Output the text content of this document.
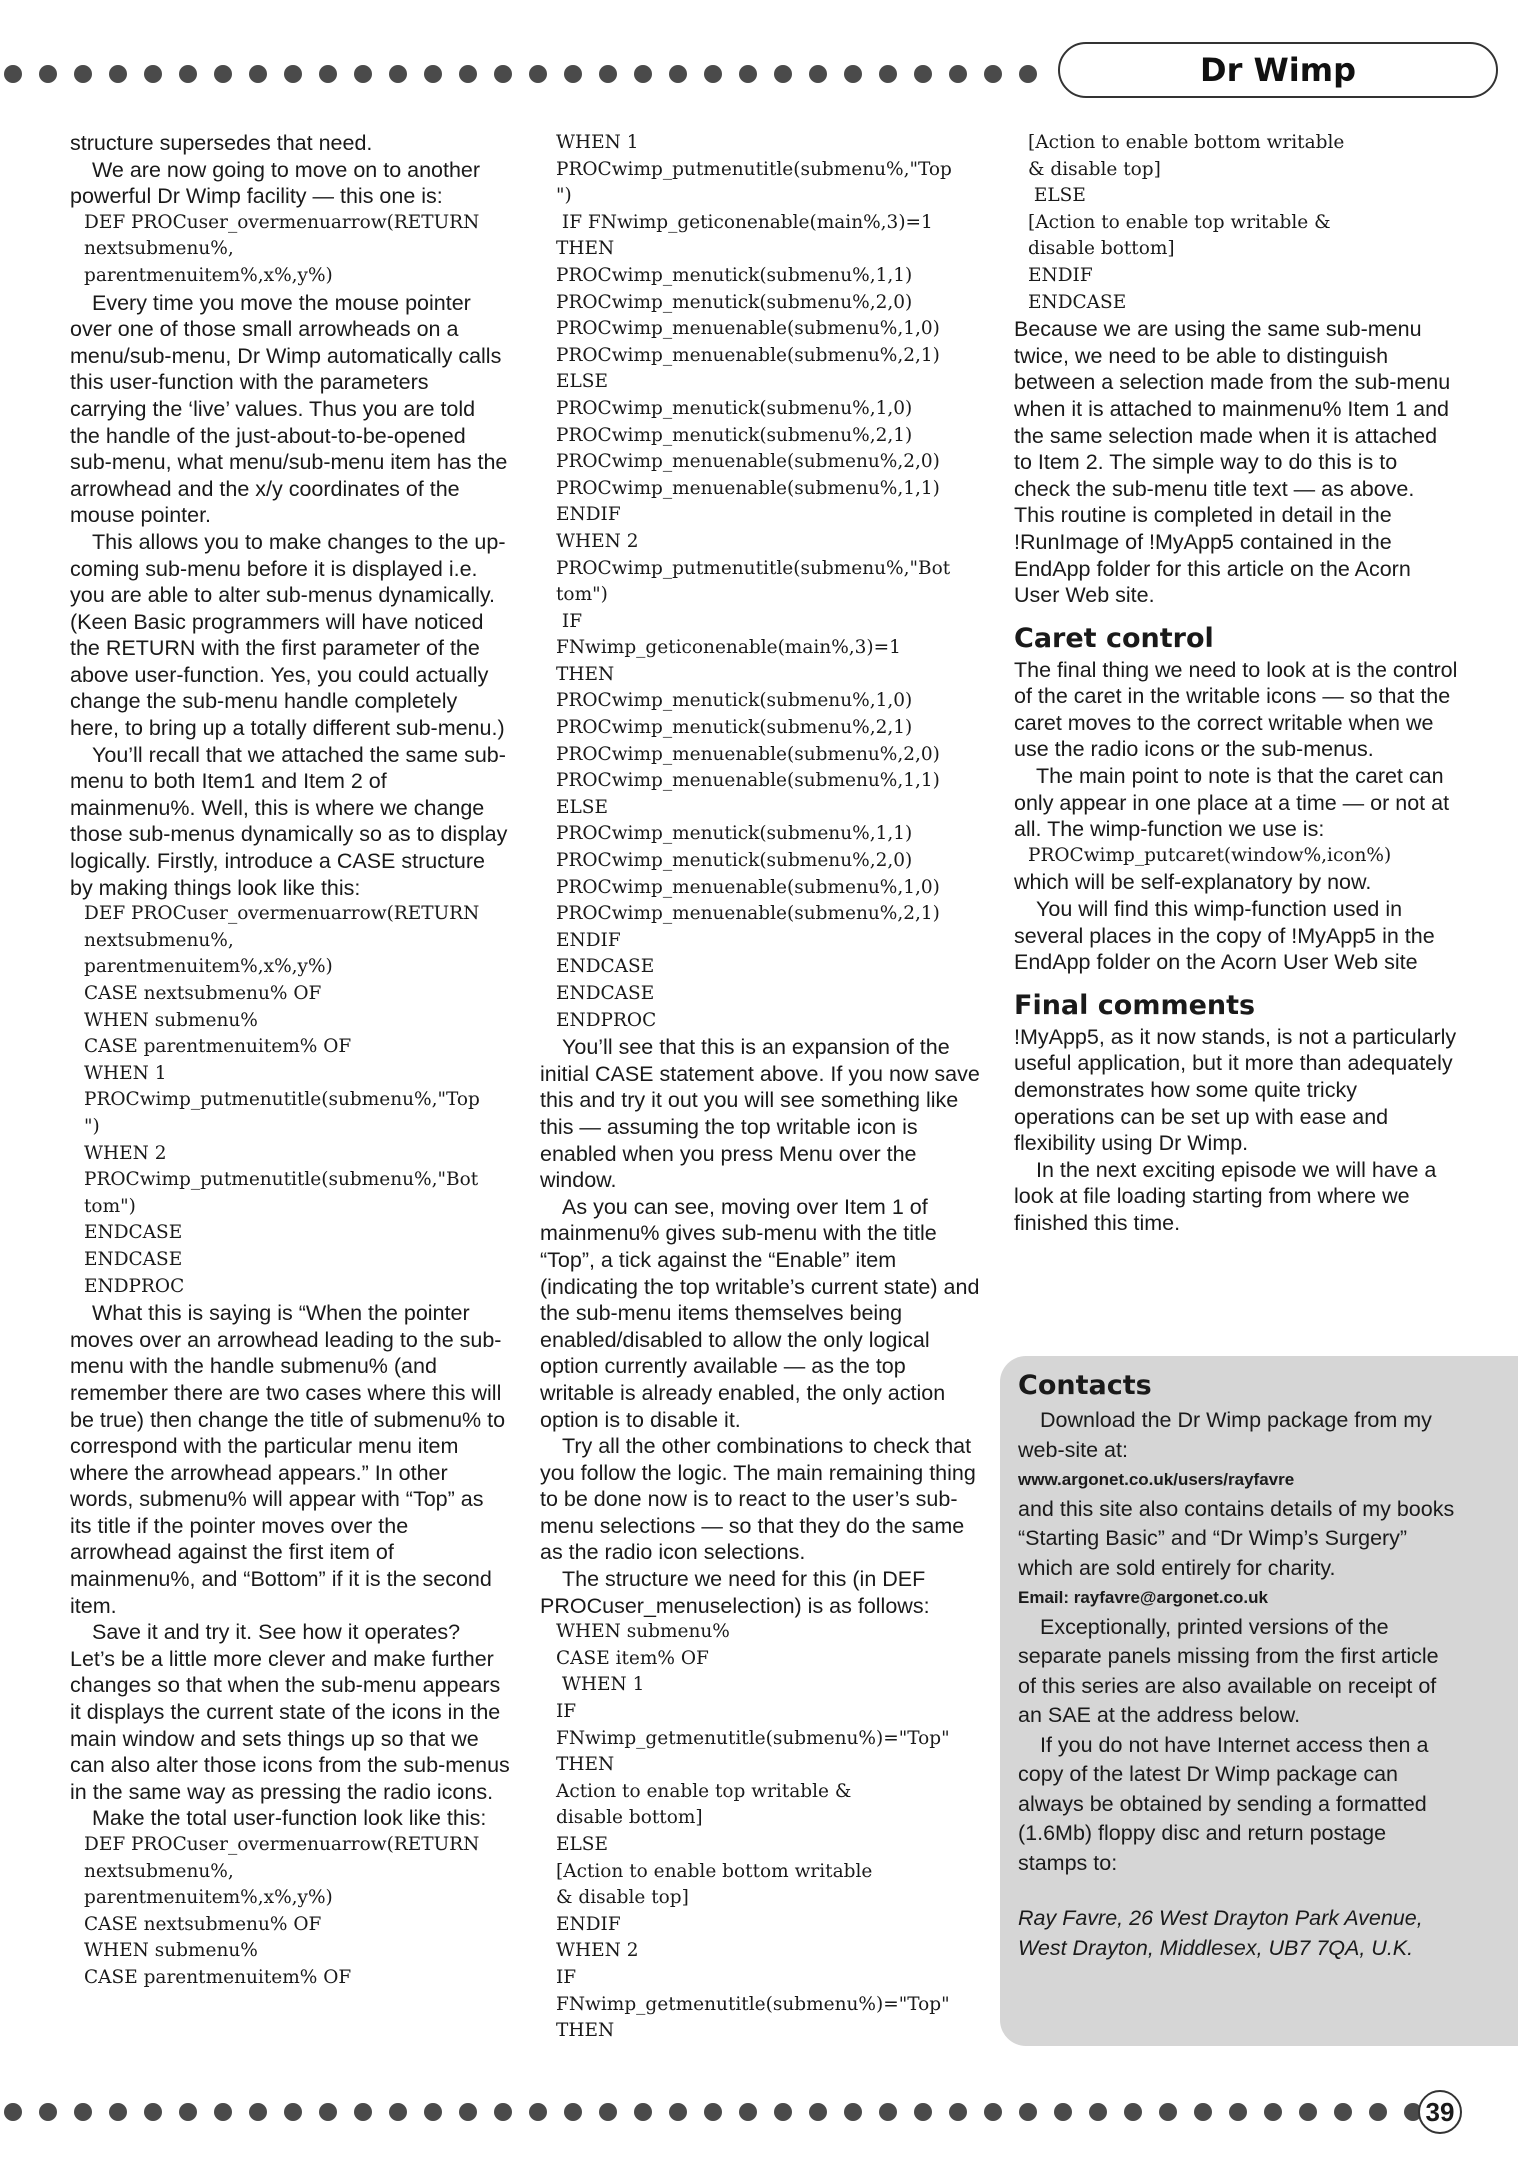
Dr Wimp

structure supersedes that need.

We are now going to move on to another powerful Dr Wimp facility — this one is:

DEF PROCuser_overmenuarrow(RETURN nextsubmenu%,
parentmenuitem%,x%,y%)

Every time you move the mouse pointer over one of those small arrowheads on a menu/sub-menu, Dr Wimp automatically calls this user-function with the parameters carrying the ‘live’ values. Thus you are told the handle of the just-about-to-be-opened sub-menu, what menu/sub-menu item has the arrowhead and the x/y coordinates of the mouse pointer.

This allows you to make changes to the up-coming sub-menu before it is displayed i.e. you are able to alter sub-menus dynamically. (Keen Basic programmers will have noticed the RETURN with the first parameter of the above user-function. Yes, you could actually change the sub-menu handle completely here, to bring up a totally different sub-menu.)

You’ll recall that we attached the same sub-menu to both Item1 and Item 2 of mainmenu%. Well, this is where we change those sub-menus dynamically so as to display logically. Firstly, introduce a CASE structure by making things look like this:

DEF PROCuser_overmenuarrow(RETURN
nextsubmenu%,
parentmenuitem%,x%,y%)
CASE nextsubmenu% OF
WHEN submenu%
CASE parentmenuitem% OF
WHEN 1
PROCwimp_putmenutitle(submenu%,"Top
")
WHEN 2
PROCwimp_putmenutitle(submenu%,"Bot
tom")
ENDCASE
ENDCASE
ENDPROC

What this is saying is “When the pointer moves over an arrowhead leading to the sub-menu with the handle submenu% (and remember there are two cases where this will be true) then change the title of submenu% to correspond with the particular menu item where the arrowhead appears.” In other words, submenu% will appear with “Top” as its title if the pointer moves over the arrowhead against the first item of mainmenu%, and “Bottom” if it is the second item.

Save it and try it. See how it operates? Let’s be a little more clever and make further changes so that when the sub-menu appears it displays the current state of the icons in the main window and sets things up so that we can also alter those icons from the sub-menus in the same way as pressing the radio icons.

Make the total user-function look like this:

DEF PROCuser_overmenuarrow(RETURN
nextsubmenu%,
parentmenuitem%,x%,y%)
CASE nextsubmenu% OF
WHEN submenu%
CASE parentmenuitem% OF
WHEN 1
PROCwimp_putmenutitle(submenu%,"Top
")
IF FNwimp_geticonenable(main%,3)=1
THEN
PROCwimp_menutick(submenu%,1,1)
PROCwimp_menutick(submenu%,2,0)
PROCwimp_menuenable(submenu%,1,0)
PROCwimp_menuenable(submenu%,2,1)
ELSE
PROCwimp_menutick(submenu%,1,0)
PROCwimp_menutick(submenu%,2,1)
PROCwimp_menuenable(submenu%,2,0)
PROCwimp_menuenable(submenu%,1,1)
ENDIF
WHEN 2
PROCwimp_putmenutitle(submenu%,"Bot
tom")
IF
FNwimp_geticonenable(main%,3)=1
THEN
PROCwimp_menutick(submenu%,1,0)
PROCwimp_menutick(submenu%,2,1)
PROCwimp_menuenable(submenu%,2,0)
PROCwimp_menuenable(submenu%,1,1)
ELSE
PROCwimp_menutick(submenu%,1,1)
PROCwimp_menutick(submenu%,2,0)
PROCwimp_menuenable(submenu%,1,0)
PROCwimp_menuenable(submenu%,2,1)
ENDIF
ENDCASE
ENDCASE
ENDPROC

You’ll see that this is an expansion of the initial CASE statement above. If you now save this and try it out you will see something like this — assuming the top writable icon is enabled when you press Menu over the window.

As you can see, moving over Item 1 of mainmenu% gives sub-menu with the title “Top”, a tick against the “Enable” item (indicating the top writable’s current state) and the sub-menu items themselves being enabled/disabled to allow the only logical option currently available — as the top writable is already enabled, the only action option is to disable it.

Try all the other combinations to check that you follow the logic. The main remaining thing to be done now is to react to the user’s sub-menu selections — so that they do the same as the radio icon selections.

The structure we need for this (in DEF PROCuser_menuselection) is as follows:

WHEN submenu%
CASE item% OF
WHEN 1
IF
FNwimp_getmenutitle(submenu%)="Top"
THEN
Action to enable top writable &
disable bottom]
ELSE
[Action to enable bottom writable
& disable top]
ENDIF
WHEN 2
IF
FNwimp_getmenutitle(submenu%)="Top"
THEN
[Action to enable bottom writable
& disable top]
ELSE
[Action to enable top writable &
disable bottom]
ENDIF
ENDCASE

Because we are using the same sub-menu twice, we need to be able to distinguish between a selection made from the sub-menu when it is attached to mainmenu% Item 1 and the same selection made when it is attached to Item 2. The simple way to do this is to check the sub-menu title text — as above. This routine is completed in detail in the !RunImage of !MyApp5 contained in the EndApp folder for this article on the Acorn User Web site.

Caret control

The final thing we need to look at is the control of the caret in the writable icons — so that the caret moves to the correct writable when we use the radio icons or the sub-menus.

The main point to note is that the caret can only appear in one place at a time — or not at all. The wimp-function we use is:

PROCwimp_putcaret(window%,icon%)

which will be self-explanatory by now.

You will find this wimp-function used in several places in the copy of !MyApp5 in the EndApp folder on the Acorn User Web site

Final comments

!MyApp5, as it now stands, is not a particularly useful application, but it more than adequately demonstrates how some quite tricky operations can be set up with ease and flexibility using Dr Wimp.

In the next exciting episode we will have a look at file loading starting from where we finished this time.

Contacts

Download the Dr Wimp package from my web-site at:

www.argonet.co.uk/users/rayfavre

and this site also contains details of my books “Starting Basic” and “Dr Wimp’s Surgery” which are sold entirely for charity.

Email: rayfavre@argonet.co.uk

Exceptionally, printed versions of the separate panels missing from the first article of this series are also available on receipt of an SAE at the address below.

If you do not have Internet access then a copy of the latest Dr Wimp package can always be obtained by sending a formatted (1.6Mb) floppy disc and return postage stamps to:

Ray Favre, 26 West Drayton Park Avenue, West Drayton, Middlesex, UB7 7QA, U.K.

39
